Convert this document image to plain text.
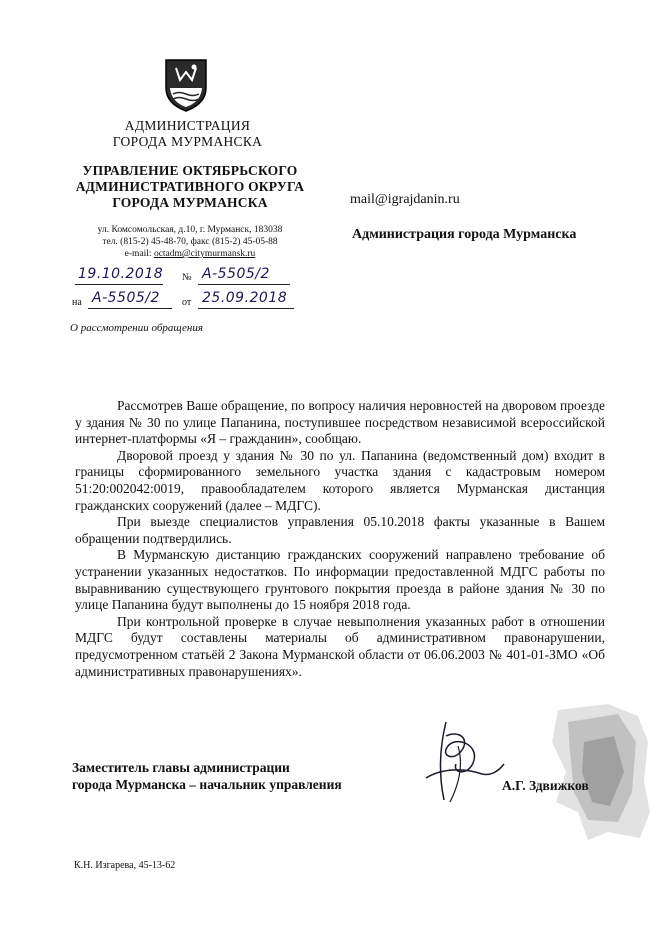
АДМИНИСТРАЦИЯ
ГОРОДА МУРМАНСКА
УПРАВЛЕНИЕ ОКТЯБРЬСКОГО
АДМИНИСТРАТИВНОГО ОКРУГА
ГОРОДА МУРМАНСКА
ул. Комсомольская, д.10, г. Мурманск, 183038
тел. (815-2) 45-48-70, факс (815-2) 45-05-88
e-mail: octadm@citymurmansk.ru
19.10.2018 № А-5505/2
на А-5505/2 от 25.09.2018
О рассмотрении обращения
mail@igrajdanin.ru
Администрация города Мурманска

Рассмотрев Ваше обращение, по вопросу наличия неровностей на дворовом проезде у здания № 30 по улице Папанина, поступившее посредством независимой всероссийской интернет-платформы «Я – гражданин», сообщаю.

Дворовой проезд у здания № 30 по ул. Папанина (ведомственный дом) входит в границы сформированного земельного участка здания с кадастровым номером 51:20:002042:0019, правообладателем которого является Мурманская дистанция гражданских сооружений (далее – МДГС).

При выезде специалистов управления 05.10.2018 факты указанные в Вашем обращении подтвердились.

В Мурманскую дистанцию гражданских сооружений направлено требование об устранении указанных недостатков. По информации предоставленной МДГС работы по выравниванию существующего грунтового покрытия проезда в районе здания № 30 по улице Папанина будут выполнены до 15 ноября 2018 года.

При контрольной проверке в случае невыполнения указанных работ в отношении МДГС будут составлены материалы об административном правонарушении, предусмотренном статьёй 2 Закона Мурманской области от 06.06.2003 № 401-01-ЗМО «Об административных правонарушениях».

Заместитель главы администрации
города Мурманска – начальник управления	А.Г. Здвижков
К.Н. Изгарева, 45-13-62
